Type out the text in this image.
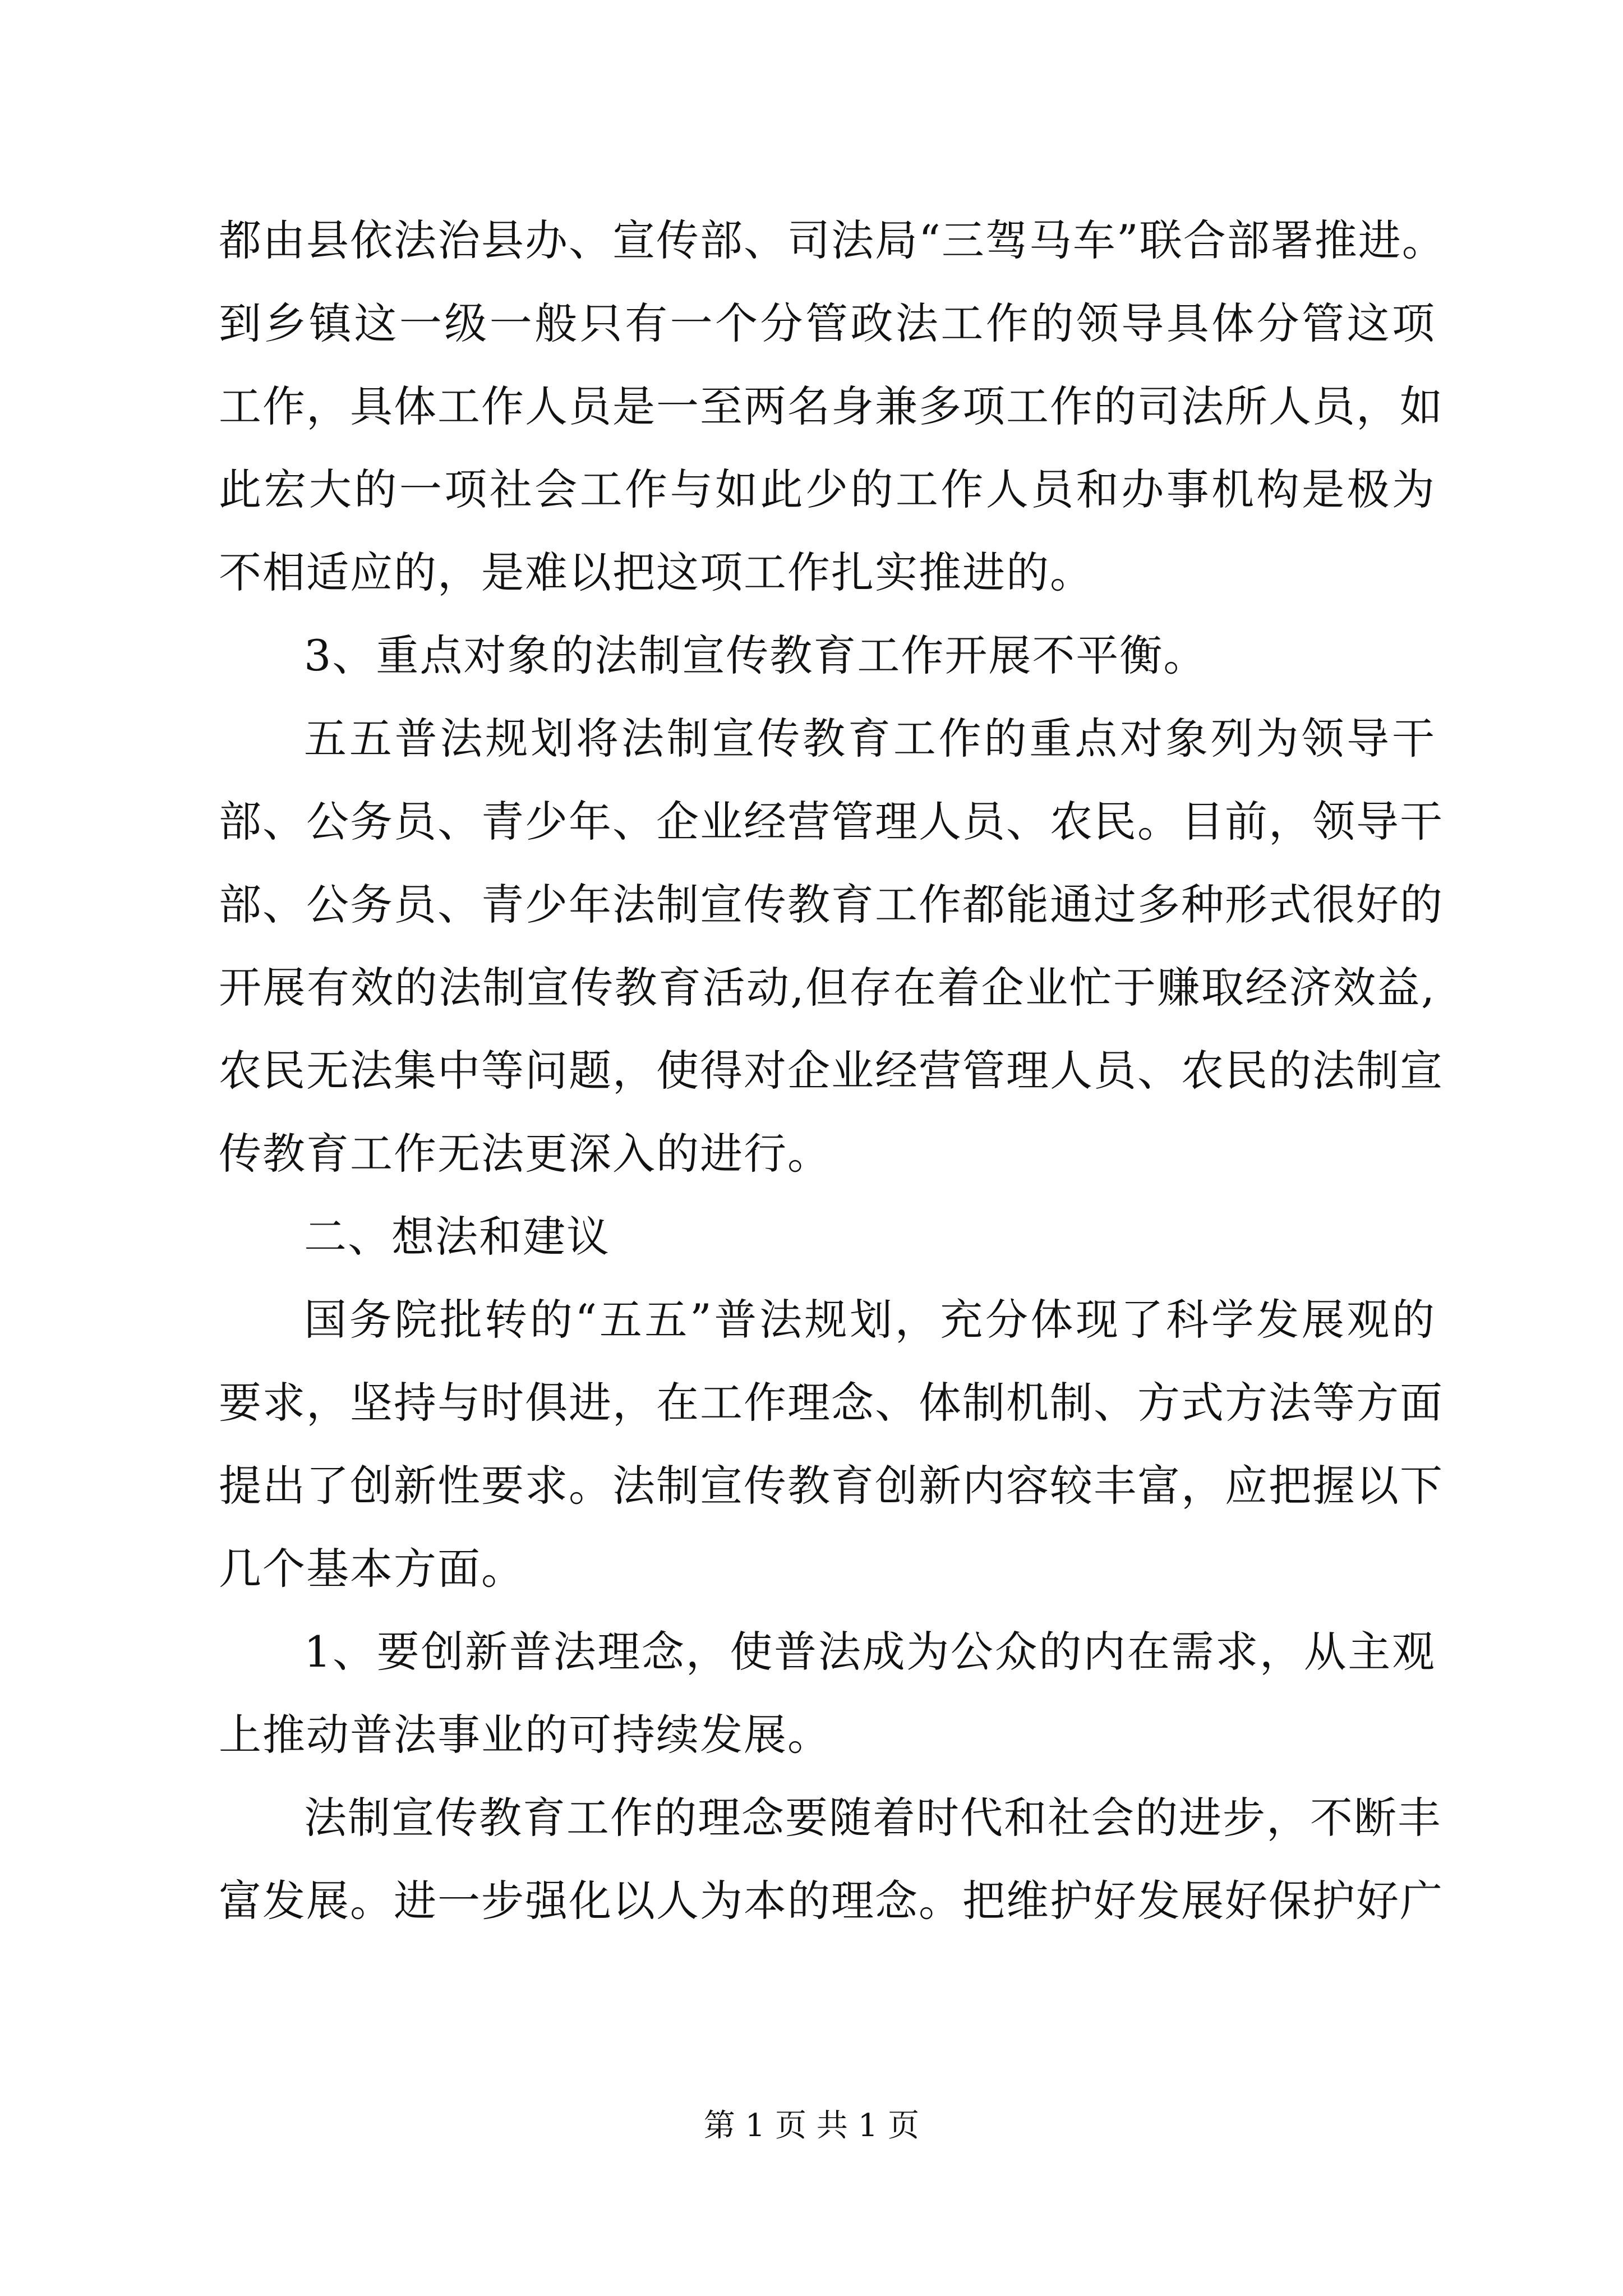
都由县依法治县办、宣传部、司法局“三驾马车”联合部署推进。
到乡镇这一级一般只有一个分管政法工作的领导具体分管这项
工作，具体工作人员是一至两名身兼多项工作的司法所人员，如
此宏大的一项社会工作与如此少的工作人员和办事机构是极为
不相适应的，是难以把这项工作扎实推进的。
3、重点对象的法制宣传教育工作开展不平衡。
五五普法规划将法制宣传教育工作的重点对象列为领导干
部、公务员、青少年、企业经营管理人员、农民。目前，领导干
部、公务员、青少年法制宣传教育工作都能通过多种形式很好的
开展有效的法制宣传教育活动,但存在着企业忙于赚取经济效益,
农民无法集中等问题，使得对企业经营管理人员、农民的法制宣
传教育工作无法更深入的进行。
二、想法和建议
国务院批转的“五五”普法规划，充分体现了科学发展观的
要求，坚持与时俱进，在工作理念、体制机制、方式方法等方面
提出了创新性要求。法制宣传教育创新内容较丰富，应把握以下
几个基本方面。
1、要创新普法理念，使普法成为公众的内在需求，从主观
上推动普法事业的可持续发展。
法制宣传教育工作的理念要随着时代和社会的进步，不断丰
富发展。进一步强化以人为本的理念。把维护好发展好保护好广
第 1 页 共 1 页
